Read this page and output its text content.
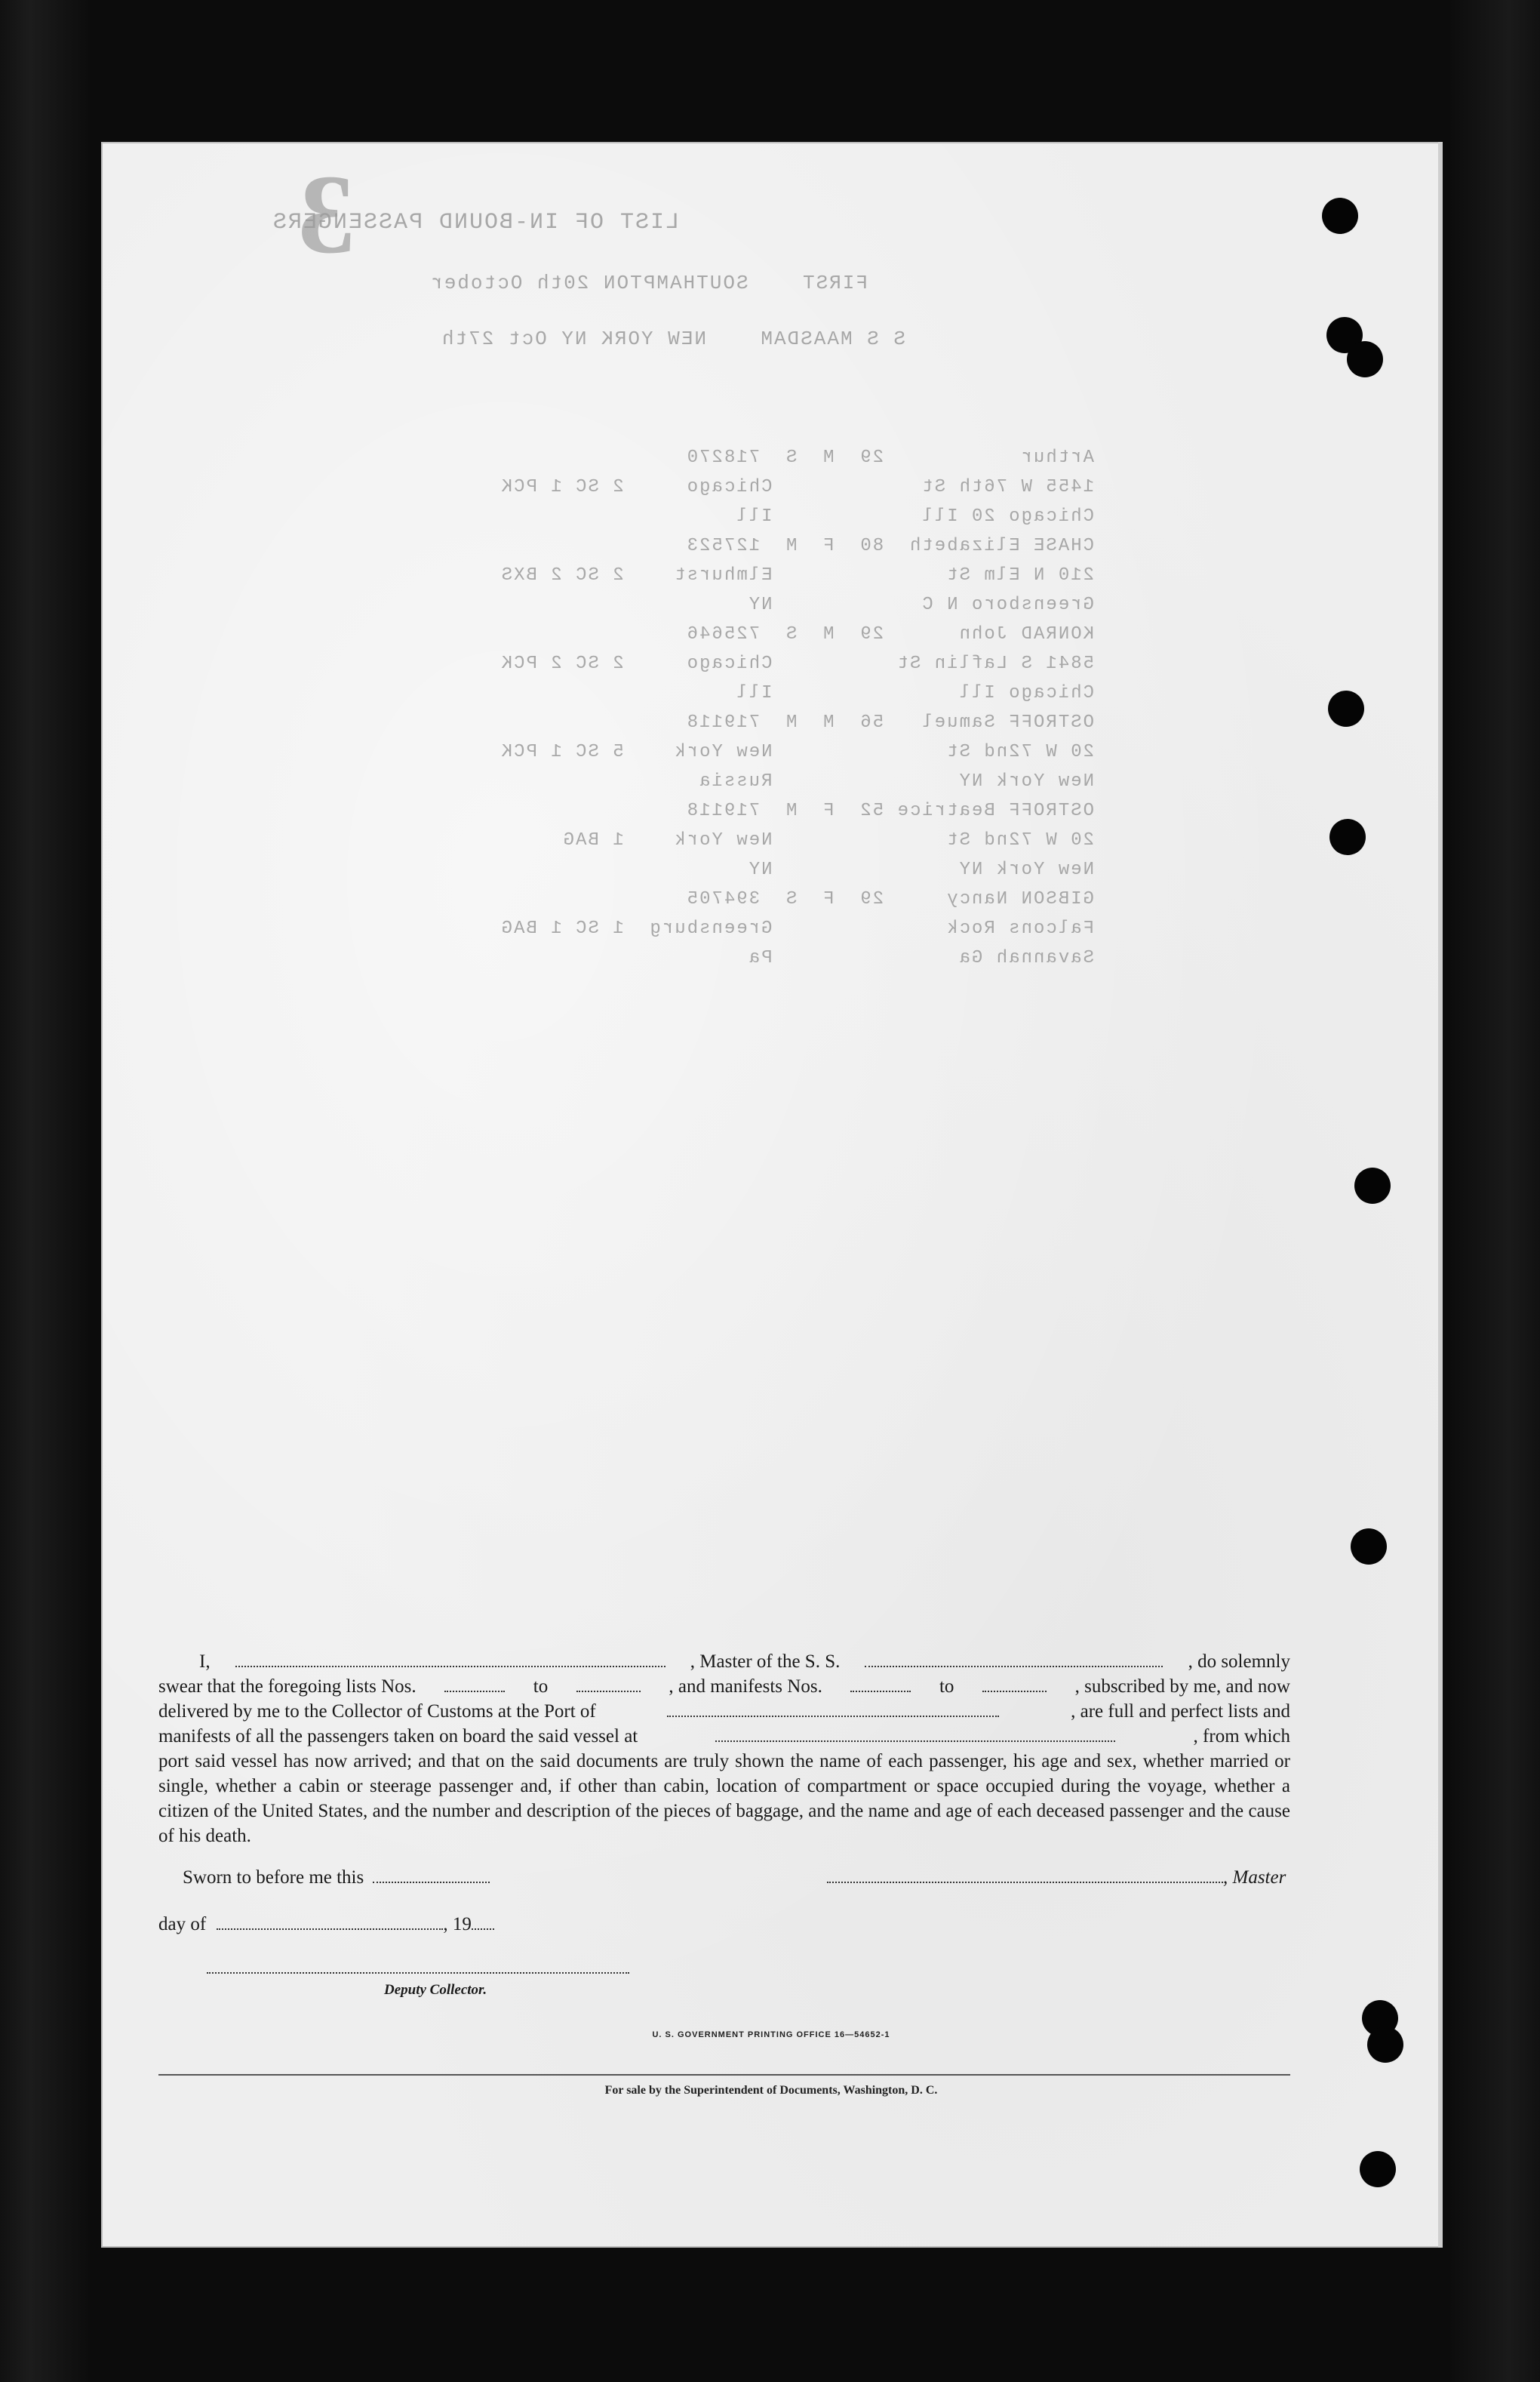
3
LIST OF IN-BOUND PASSENGERS
FIRST    SOUTHAMPTON 20th October
S S MAASDAM    NEW YORK NY Oct 27th
Arthur           29  M  S  718270
1455 W 76th St            Chicago     2 SC 1 PCK
Chicago 20 Ill            Ill
CHASE Elizabeth  80  F  M  127523
210 N Elm St              Elmhurst    2 SC 2 BXS
Greensboro N C            NY
KONRAD John      29  M  S  725646
5841 S Laflin St          Chicago     2 SC 2 PCK
Chicago Ill               Ill
OSTROFF Samuel   56  M  M  719118
20 W 72nd St              New York    5 SC 1 PCK
New York NY               Russia
OSTROFF Beatrice 52  F  M  719118
20 W 72nd St              New York    1 BAG
New York NY               NY
GIBSON Nancy     29  F  S  394705
Falcons Rock              Greensburg  1 SC 1 BAG
Savannah Ga               Pa
I,	, Master of the S. S.	, do solemnly
swear that the foregoing lists Nos.	to	, and manifests Nos.	to	, subscribed by me, and now
delivered by me to the Collector of Customs at the Port of	, are full and perfect lists and
manifests of all the passengers taken on board the said vessel at	, from which

port said vessel has now arrived; and that on the said documents are truly shown the name of each passenger, his age and sex, whether married or single, whether a cabin or steerage passenger and, if other than cabin, location of compartment or space occupied during the voyage, whether a citizen of the United States, and the number and description of the pieces of baggage, and the name and age of each deceased passenger and the cause of his death.

Sworn to before me this	, Master
day of	, 19
Deputy Collector.
U. S. GOVERNMENT PRINTING OFFICE 16—54652-1
For sale by the Superintendent of Documents, Washington, D. C.
